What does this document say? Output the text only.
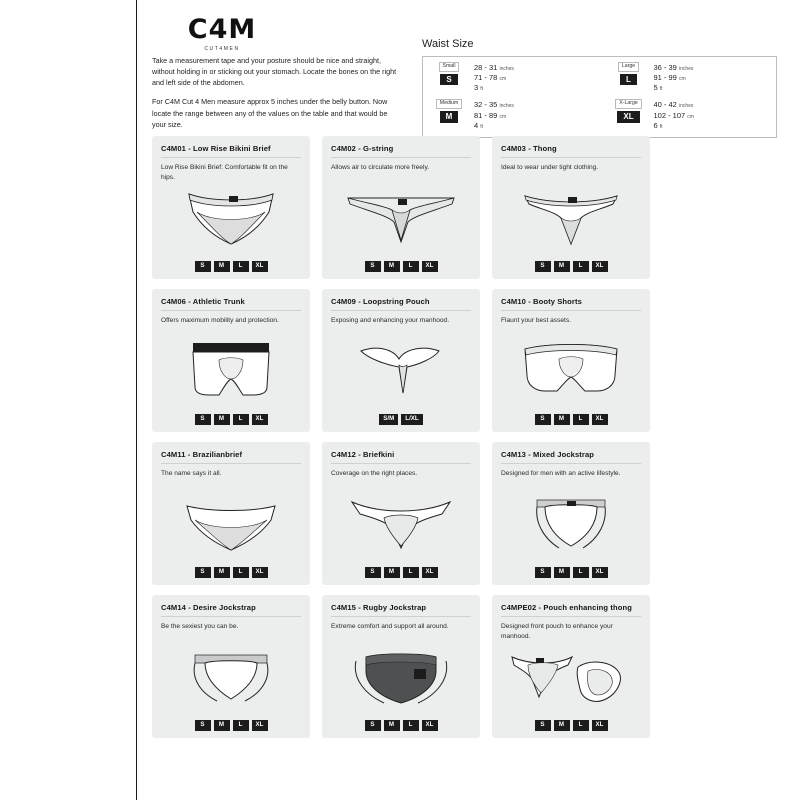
C4M
CUT4MEN

Take a measurement tape and your posture should be nice and straight, without holding in or sticking out your stomach. Locate the bones on the right and left side of the abdomen.

For C4M Cut 4 Men measure approx 5 inches under the belly button. Now locate the range between any of the values on the table and that would be your size.

Waist Size
Small
S
28 - 31 inches
71 - 78 cm
3 ft
Medium
M
32 - 35 inches
81 - 89 cm
4 ft
Large
L
36 - 39 inches
91 - 99 cm
5 ft
X-Large
XL
40 - 42 inches
102 - 107 cm
6 ft
C4M01 - Low Rise Bikini Brief
Low Rise Bikini Brief: Comfortable fit on the hips.
S	M	L	XL
C4M02 - G-string
Allows air to circulate more freely.
S	M	L	XL
C4M03 - Thong
Ideal to wear under tight clothing.
S	M	L	XL
C4M06 - Athletic Trunk
Offers maximum mobility and protection.
S	M	L	XL
C4M09 - Loopstring Pouch
Exposing and enhancing your manhood.
S/M	L/XL
C4M10 - Booty Shorts
Flaunt your best assets.
S	M	L	XL
C4M11 - Brazilianbrief
The name says it all.
S	M	L	XL
C4M12 - Briefkini
Coverage on the right places.
S	M	L	XL
C4M13 - Mixed Jockstrap
Designed for men with an active lifestyle.
S	M	L	XL
C4M14 - Desire Jockstrap
Be the sexiest you can be.
S	M	L	XL
C4M15 - Rugby Jockstrap
Extreme comfort and support all around.
S	M	L	XL
C4MPE02 - Pouch enhancing thong
Designed front pouch to enhance your manhood.
S	M	L	XL
